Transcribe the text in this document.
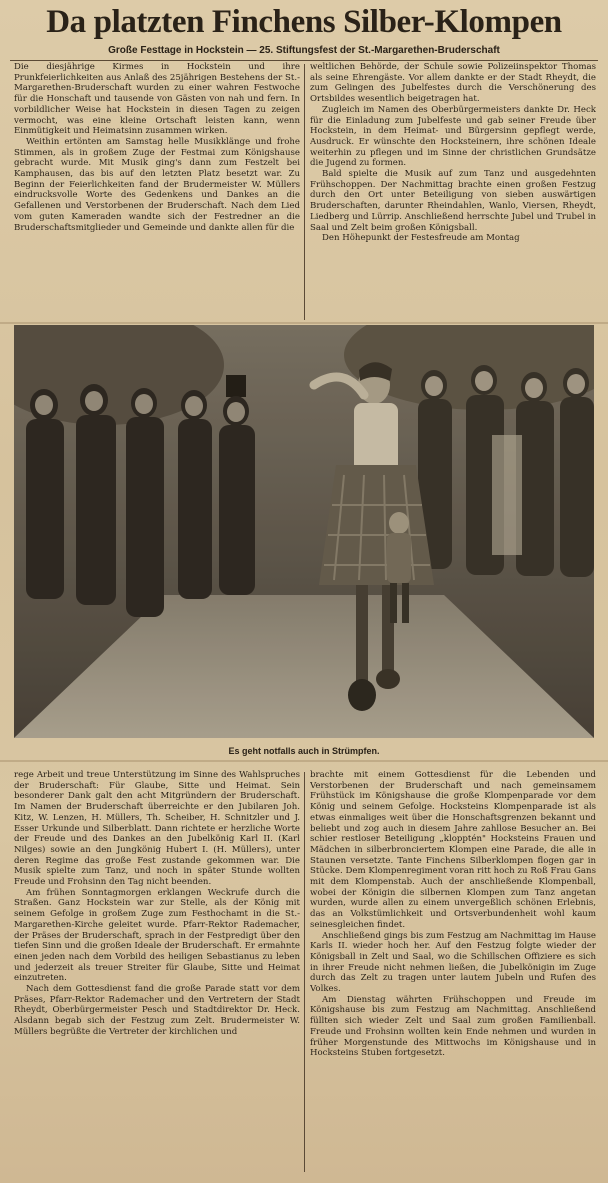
Da platzten Finchens Silber-Klompen
Große Festtage in Hockstein — 25. Stiftungsfest der St.-Margarethen-Bruderschaft

Die diesjährige Kirmes in Hockstein und ihre Prunkfeierlichkeiten aus Anlaß des 25jährigen Bestehens der St.-Margarethen-Bruderschaft wurden zu einer wahren Festwoche für die Honschaft und tausende von Gästen von nah und fern. In vorbildlicher Weise hat Hockstein in diesen Tagen zu zeigen vermocht, was eine kleine Ortschaft leisten kann, wenn Einmütigkeit und Heimatsinn zusammen wirken.

Weithin ertönten am Samstag helle Musikklänge und frohe Stimmen, als in großem Zuge der Festmai zum Königshause gebracht wurde. Mit Musik ging's dann zum Festzelt bei Kamphausen, das bis auf den letzten Platz besetzt war. Zu Beginn der Feierlichkeiten fand der Brudermeister W. Müllers eindrucksvolle Worte des Gedenkens und Dankes an die Gefallenen und Verstorbenen der Bruderschaft. Nach dem Lied vom guten Kameraden wandte sich der Festredner an die Bruderschaftsmitglieder und Gemeinde und dankte allen für die

weltlichen Behörde, der Schule sowie Polizeiinspektor Thomas als seine Ehrengäste. Vor allem dankte er der Stadt Rheydt, die zum Gelingen des Jubelfestes durch die Verschönerung des Ortsbildes wesentlich beigetragen hat.

Zugleich im Namen des Oberbürgermeisters dankte Dr. Heck für die Einladung zum Jubelfeste und gab seiner Freude über Hockstein, in dem Heimat- und Bürgersinn gepflegt werde, Ausdruck. Er wünschte den Hocksteinern, ihre schönen Ideale weiterhin zu pflegen und im Sinne der christlichen Grundsätze die Jugend zu formen.

Bald spielte die Musik auf zum Tanz und ausgedehnten Frühschoppen. Der Nachmittag brachte einen großen Festzug durch den Ort unter Beteiligung von sieben auswärtigen Bruderschaften, darunter Rheindahlen, Wanlo, Viersen, Rheydt, Liedberg und Lürrip. Anschließend herrschte Jubel und Trubel in Saal und Zelt beim großen Königsball.

Den Höhepunkt der Festesfreude am Montag

Es geht notfalls auch in Strümpfen.

rege Arbeit und treue Unterstützung im Sinne des Wahlspruches der Bruderschaft: Für Glaube, Sitte und Heimat. Sein besonderer Dank galt den acht Mitgründern der Bruderschaft. Im Namen der Bruderschaft überreichte er den Jubilaren Joh. Kitz, W. Lenzen, H. Müllers, Th. Scheiber, H. Schnitzler und J. Esser Urkunde und Silberblatt. Dann richtete er herzliche Worte der Freude und des Dankes an den Jubelkönig Karl II. (Karl Nilges) sowie an den Jungkönig Hubert I. (H. Müllers), unter deren Regime das große Fest zustande gekommen war. Die Musik spielte zum Tanz, und noch in später Stunde wollten Freude und Frohsinn den Tag nicht beenden.

Am frühen Sonntagmorgen erklangen Weckrufe durch die Straßen. Ganz Hockstein war zur Stelle, als der König mit seinem Gefolge in großem Zuge zum Festhochamt in die St.-Margarethen-Kirche geleitet wurde. Pfarr-Rektor Rademacher, der Präses der Bruderschaft, sprach in der Festpredigt über den tiefen Sinn und die großen Ideale der Bruderschaft. Er ermahnte einen jeden nach dem Vorbild des heiligen Sebastianus zu leben und jederzeit als treuer Streiter für Glaube, Sitte und Heimat einzutreten.

Nach dem Gottesdienst fand die große Parade statt vor dem Präses, Pfarr-Rektor Rademacher und den Vertretern der Stadt Rheydt, Oberbürgermeister Pesch und Stadtdirektor Dr. Heck. Alsdann begab sich der Festzug zum Zelt. Brudermeister W. Müllers begrüßte die Vertreter der kirchlichen und

brachte mit einem Gottesdienst für die Lebenden und Verstorbenen der Bruderschaft und nach gemeinsamem Frühstück im Königshause die große Klompenparade vor dem König und seinem Gefolge. Hocksteins Klompenparade ist als etwas einmaliges weit über die Honschaftsgrenzen bekannt und beliebt und zog auch in diesem Jahre zahllose Besucher an. Bei schier restloser Beteiligung „klopptén" Hocksteins Frauen und Mädchen in silberbronciertem Klompen eine Parade, die alle in Staunen versetzte. Tante Finchens Silberklompen flogen gar in Stücke. Dem Klompenregiment voran ritt hoch zu Roß Frau Gans mit dem Klompenstab. Auch der anschließende Klompenball, wobei der Königin die silbernen Klompen zum Tanz angetan wurden, wurde allen zu einem unvergeßlich schönen Erlebnis, das an Volkstümlichkeit und Ortsverbundenheit wohl kaum seinesgleichen findet.

Anschließend gings bis zum Festzug am Nachmittag im Hause Karls II. wieder hoch her. Auf den Festzug folgte wieder der Königsball in Zelt und Saal, wo die Schillschen Offiziere es sich in ihrer Freude nicht nehmen ließen, die Jubelkönigin im Zuge durch das Zelt zu tragen unter lautem Jubeln und Rufen des Volkes.

Am Dienstag währten Frühschoppen und Freude im Königshause bis zum Festzug am Nachmittag. Anschließend füllten sich wieder Zelt und Saal zum großen Familienball. Freude und Frohsinn wollten kein Ende nehmen und wurden in früher Morgenstunde des Mittwochs im Königshause und in Hocksteins Stuben fortgesetzt.
